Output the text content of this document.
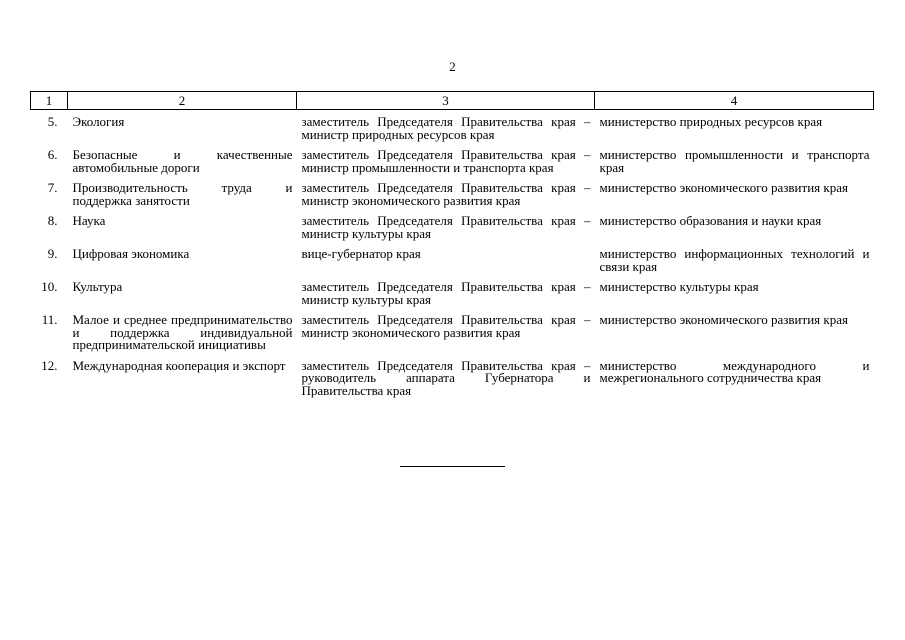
2
1	2	3	4
5.	Экология	заместитель Председателя Правительства края – министр природных ресурсов края	министерство природных ресурсов края
6.	Безопасные и качественные автомобильные дороги	заместитель Председателя Правительства края – министр промышленности и транспорта края	министерство промышленности и транспорта края
7.	Производительность труда и поддержка занятости	заместитель Председателя Правительства края – министр экономического развития края	министерство экономического развития края
8.	Наука	заместитель Председателя Правительства края – министр культуры края	министерство образования и науки края
9.	Цифровая экономика	вице-губернатор края	министерство информационных технологий и связи края
10.	Культура	заместитель Председателя Правительства края – министр культуры края	министерство культуры края
11.	Малое и среднее предпринимательство и поддержка индивидуальной предпринимательской инициативы	заместитель Председателя Правительства края – министр экономического развития края	министерство экономического развития края
12.	Международная кооперация и экспорт	заместитель Председателя Правительства края – руководитель аппарата Губернатора и Правительства края	министерство международного и межрегионального сотрудничества края
